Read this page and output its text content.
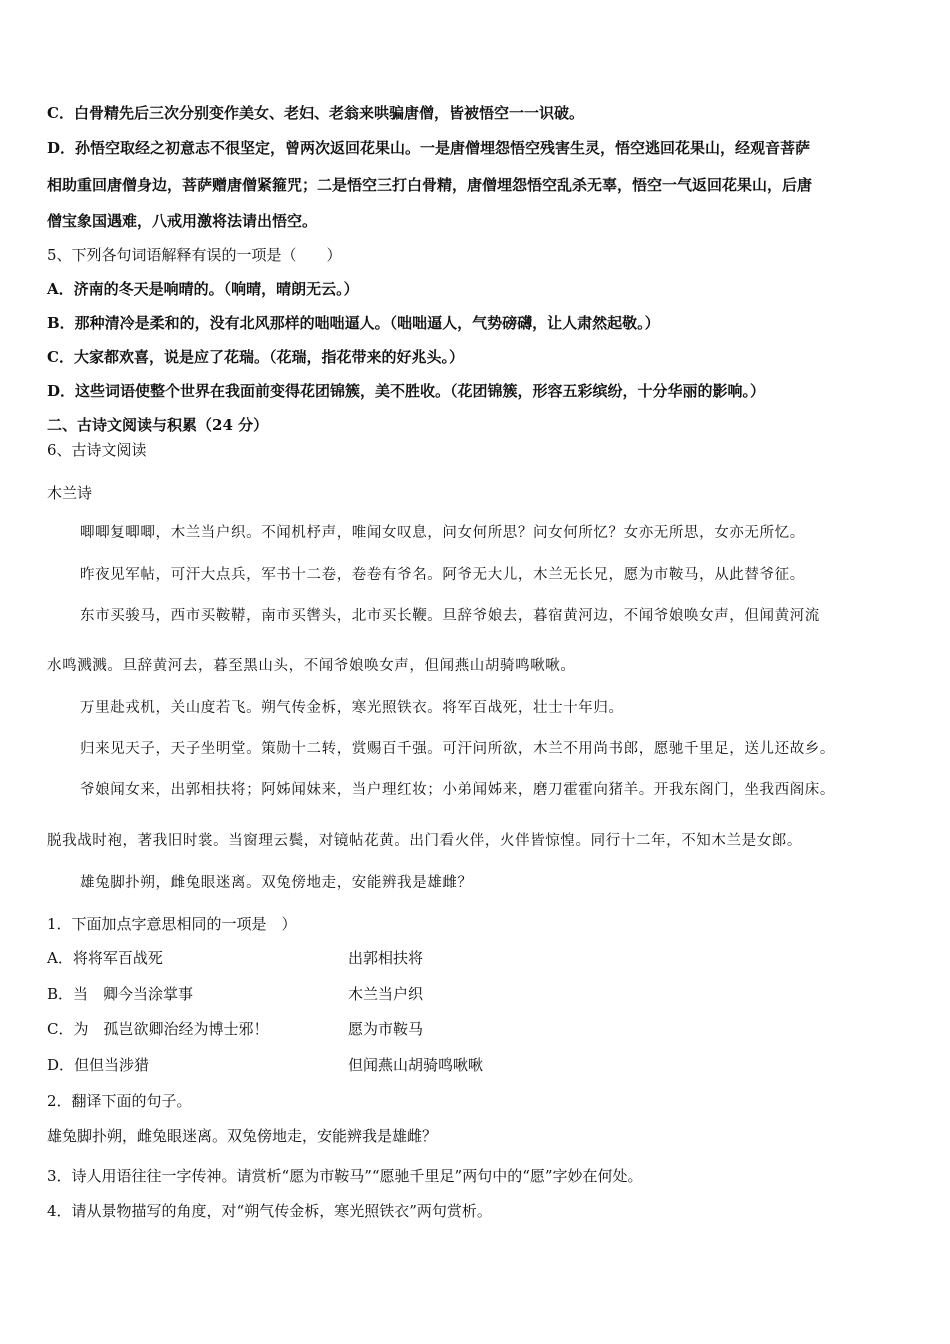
C．白骨精先后三次分别变作美女、老妇、老翁来哄骗唐僧，皆被悟空一一识破。
D．孙悟空取经之初意志不很坚定，曾两次返回花果山。一是唐僧埋怨悟空残害生灵，悟空逃回花果山，经观音菩萨
相助重回唐僧身边，菩萨赠唐僧紧箍咒；二是悟空三打白骨精，唐僧埋怨悟空乱杀无辜，悟空一气返回花果山，后唐
僧宝象国遇难，八戒用激将法请出悟空。
5、下列各句词语解释有误的一项是（　　）
A．济南的冬天是响晴的。（响晴，晴朗无云。）
B．那种清冷是柔和的，没有北风那样的咄咄逼人。（咄咄逼人，气势磅礴，让人肃然起敬。）
C．大家都欢喜，说是应了花瑞。（花瑞，指花带来的好兆头。）
D．这些词语使整个世界在我面前变得花团锦簇，美不胜收。（花团锦簇，形容五彩缤纷，十分华丽的影响。）
二、古诗文阅读与积累（24 分）
6、古诗文阅读
木兰诗
唧唧复唧唧，木兰当户织。不闻机杼声，唯闻女叹息，问女何所思？问女何所忆？女亦无所思，女亦无所忆。
昨夜见军帖，可汗大点兵，军书十二卷，卷卷有爷名。阿爷无大儿，木兰无长兄，愿为市鞍马，从此替爷征。
东市买骏马，西市买鞍鞯，南市买辔头，北市买长鞭。旦辞爷娘去，暮宿黄河边，不闻爷娘唤女声，但闻黄河流
水鸣溅溅。旦辞黄河去，暮至黑山头，不闻爷娘唤女声，但闻燕山胡骑鸣啾啾。
万里赴戎机，关山度若飞。朔气传金柝，寒光照铁衣。将军百战死，壮士十年归。
归来见天子，天子坐明堂。策勋十二转，赏赐百千强。可汗问所欲，木兰不用尚书郎，愿驰千里足，送儿还故乡。
爷娘闻女来，出郭相扶将；阿姊闻妹来，当户理红妆；小弟闻姊来，磨刀霍霍向猪羊。开我东阁门，坐我西阁床。
脱我战时袍，著我旧时裳。当窗理云鬓，对镜帖花黄。出门看火伴，火伴皆惊惶。同行十二年，不知木兰是女郎。
雄兔脚扑朔，雌兔眼迷离。双兔傍地走，安能辨我是雄雌？
1．下面加点字意思相同的一项是　）
A．将将军百战死	出郭相扶将
B．当　卿今当涂掌事	木兰当户织
C．为　孤岂欲卿治经为博士邪！	愿为市鞍马
D．但但当涉猎	但闻燕山胡骑鸣啾啾
2．翻译下面的句子。
雄兔脚扑朔，雌兔眼迷离。双兔傍地走，安能辨我是雄雌？
3．诗人用语往往一字传神。请赏析“愿为市鞍马”“愿驰千里足”两句中的“愿”字妙在何处。
4．请从景物描写的角度，对“朔气传金柝，寒光照铁衣”两句赏析。
